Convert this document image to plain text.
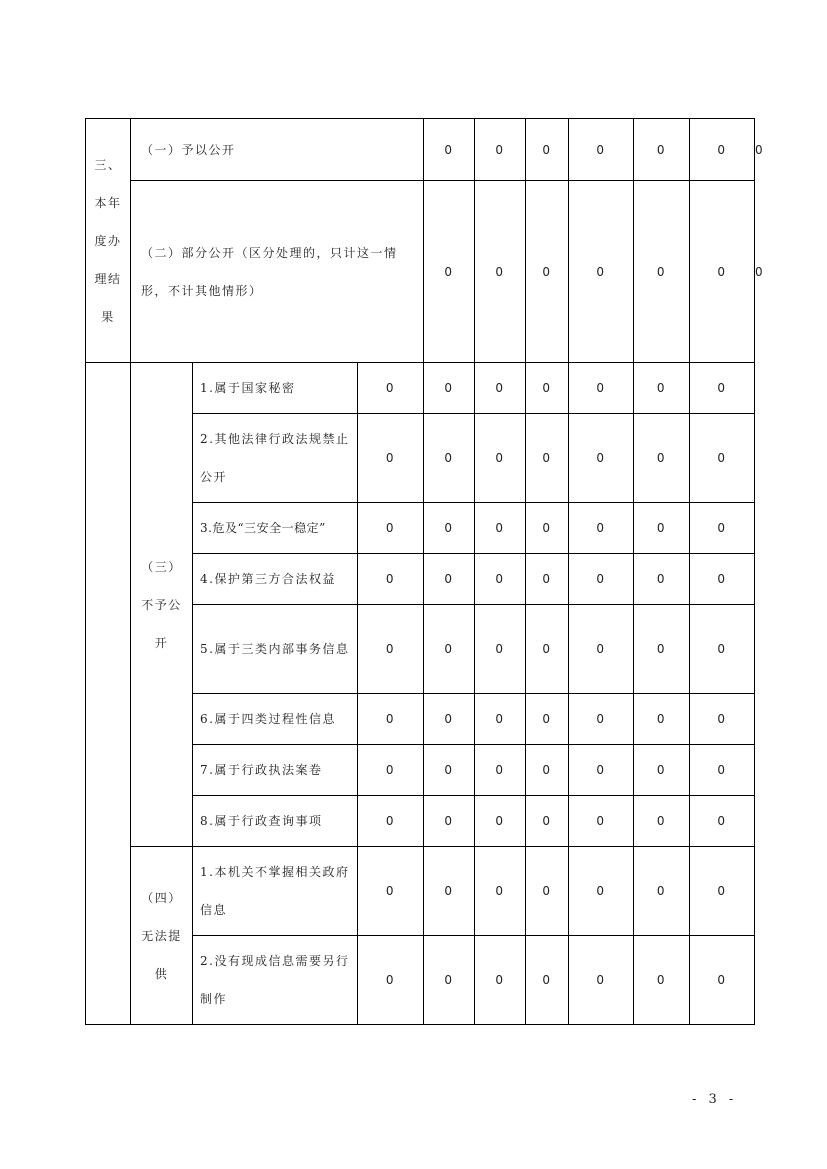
三、本年度办理结果	（一）予以公开			0	0	0	0	0	0	0
	（二）部分公开（区分处理的，只计这一情形，不计其他情形）			0	0	0	0	0	0	0
	（三）不予公开	1.属于国家秘密	0	0	0	0	0	0	0	
		2.其他法律行政法规禁止公开	0	0	0	0	0	0	0	
		3.危及“三安全一稳定”	0	0	0	0	0	0	0	
		4.保护第三方合法权益	0	0	0	0	0	0	0	
		5.属于三类内部事务信息	0	0	0	0	0	0	0	
		6.属于四类过程性信息	0	0	0	0	0	0	0	
		7.属于行政执法案卷	0	0	0	0	0	0	0	
		8.属于行政查询事项	0	0	0	0	0	0	0	
	（四）无法提供	1.本机关不掌握相关政府信息	0	0	0	0	0	0	0	
		2.没有现成信息需要另行制作	0	0	0	0	0	0	0	
- 3 -
